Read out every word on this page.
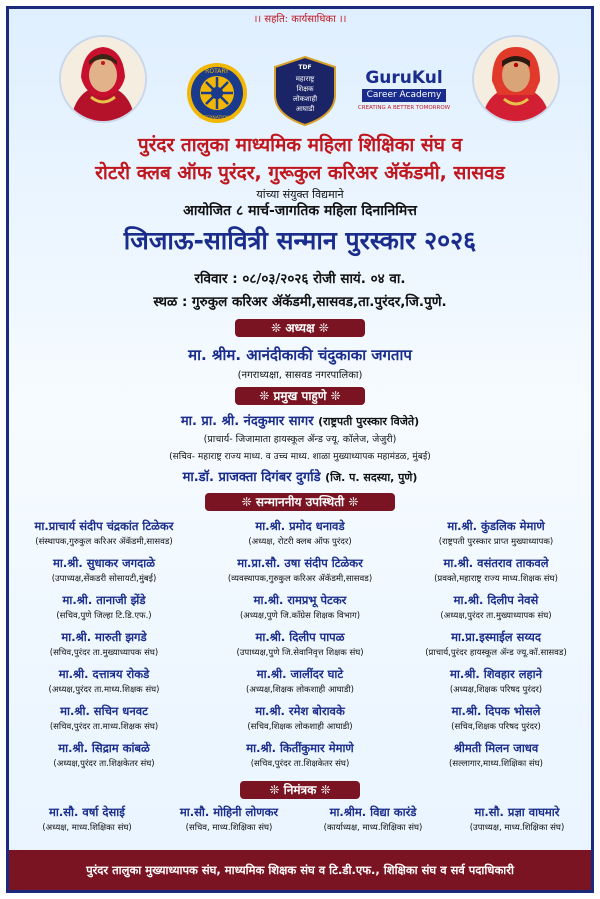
।। सहति: कार्यसाधिका ।।
ROTARY
INTERNATIONAL
TDF
महाराष्ट्र
शिक्षक
लोकशाही
आघाडी
GuruKul
Career Academy
CREATING A BETTER TOMORROW
पुरंदर तालुका माध्यमिक महिला शिक्षिका संघ व
रोटरी क्लब ऑफ पुरंदर, गुरूकुल करिअर ॲकॅडमी, सासवड
यांच्या संयुक्त विद्यमाने
आयोजित ८ मार्च-जागतिक महिला दिनानिमित्त
जिजाऊ-सावित्री सन्मान पुरस्कार २०२६
रविवार : ०८/०३/२०२६ रोजी सायं. ०४ वा.
स्थळ : गुरुकुल करिअर ॲकॅडमी,सासवड,ता.पुरंदर,जि.पुणे.
❊ अध्यक्ष ❊
मा. श्रीम. आनंदीकाकी चंदुकाका जगताप
(नगराध्यक्षा, सासवड नगरपालिका)
❊ प्रमुख पाहुणे ❊
मा. प्रा. श्री. नंदकुमार सागर (राष्ट्रपती पुरस्कार विजेते)
(प्राचार्य- जिजामाता हायस्कूल ॲन्ड ज्यू. कॉलेज, जेजुरी)
(सचिव- महाराष्ट्र राज्य माध्य. व उच्च माध्य. शाळा मुख्याध्यापक महामंडळ, मुंबई)
मा.डॉ. प्राजक्ता दिगंबर दुर्गाडे (जि. प. सदस्या, पुणे)
❊ सन्माननीय उपस्थिती ❊
मा.प्राचार्य संदीप चंद्रकांत टिळेकर
(संस्थापक,गुरुकुल करिअर ॲकॅडमी,सासवड)
मा.श्री. प्रमोद धनावडे
(अध्यक्ष, रोटरी क्लब ऑफ पुरंदर)
मा.श्री. कुंडलिक मेमाणे
(राष्ट्रपती पुरस्कार प्राप्त मुख्याध्यापक)
मा.श्री. सुधाकर जगदाळे
(उपाध्यक्ष,सेंकडरी सोसायटी,मुंबई)
मा.प्रा.सौ. उषा संदीप टिळेकर
(व्यवस्थापक,गुरुकुल करिअर ॲकॅडमी,सासवड)
मा.श्री. वसंतराव ताकवले
(प्रवक्ते,महाराष्ट्र राज्य माध्य.शिक्षक संघ)
मा.श्री. तानाजी झेंडे
(सचिव,पुणे जिल्हा टि.डि.एफ.)
मा.श्री. रामप्रभू पेटकर
(अध्यक्ष,पुणे जि.कॉंग्रेस शिक्षक विभाग)
मा.श्री. दिलीप नेवसे
(अध्यक्ष,पुरंदर ता.मुख्याध्यापक संघ)
मा.श्री. मारुती झगडे
(सचिव,पुरंदर ता.मुख्याध्यापक संघ)
मा.श्री. दिलीप पापळ
(उपाध्यक्ष,पुणे जि.सेवानिवृत्त शिक्षक संघ)
मा.प्रा.इस्माईल सय्यद
(प्राचार्य,पुरंदर हायस्कूल ॲन्ड ज्यू.कॉ.सासवड)
मा.श्री. दत्तात्रय रोकडे
(अध्यक्ष,पुरंदर ता.माध्य.शिक्षक संघ)
मा.श्री. जालींदर घाटे
(अध्यक्ष,शिक्षक लोकशाही आघाडी)
मा.श्री. शिवहार लहाने
(अध्यक्ष,शिक्षक परिषद पुरंदर)
मा.श्री. सचिन धनवट
(सचिव,पुरंदर ता.माध्य.शिक्षक संघ)
मा.श्री. रमेश बोरावके
(सचिव,शिक्षक लोकशाही आघाडी)
मा.श्री. दिपक भोसले
(सचिव,शिक्षक परिषद पुरंदर)
मा.श्री. सिद्राम कांबळे
(अध्यक्ष,पुरंदर ता.शिक्षकेतर संघ)
मा.श्री. कितींकुमार मेमाणे
(सचिव,पुरंदर ता.शिक्षकेतर संघ)
श्रीमती मिलन जाधव
(सल्लागार,माध्य.शिक्षिका संघ)
❊ निमंत्रक ❊
मा.सौ. वर्षा देसाई
(अध्यक्ष, माध्य.शिक्षिका संघ)
मा.सौ. मोहिनी लोणकर
(सचिव, माध्य.शिक्षिका संघ)
मा.श्रीम. विद्या कारंडे
(कार्याध्यक्ष, माध्य.शिक्षिका संघ)
मा.सौ. प्रज्ञा वाघमारे
(उपाध्यक्ष, माध्य.शिक्षिका संघ)
पुरंदर तालुका मुख्याध्यापक संघ, माध्यमिक शिक्षक संघ व टि.डी.एफ., शिक्षिका संघ व सर्व पदाधिकारी
